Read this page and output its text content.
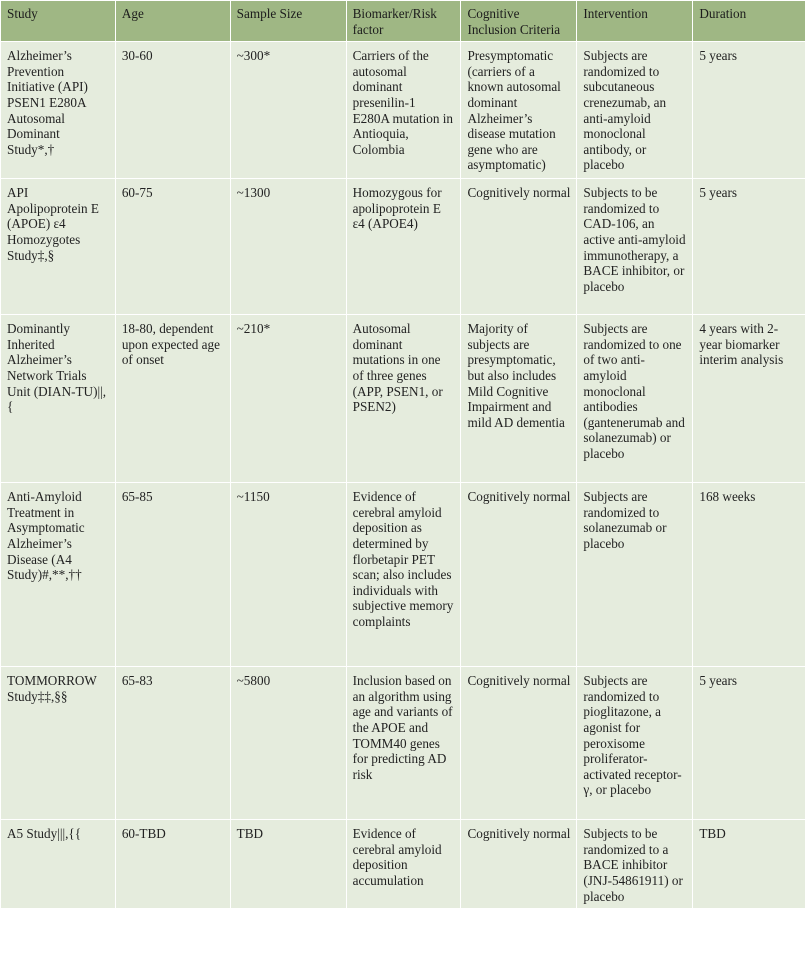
Study	Age	Sample Size	Biomarker/Risk factor	Cognitive Inclusion Criteria	Intervention	Duration
Alzheimer’s Prevention Initiative (API) PSEN1 E280A Autosomal Dominant Study*,†	30-60	~300*	Carriers of the autosomal dominant presenilin-1 E280A mutation in Antioquia, Colombia	Presymptomatic (carriers of a known autosomal dominant Alzheimer’s disease mutation gene who are asymptomatic)	Subjects are randomized to subcutaneous crenezumab, an anti-amyloid monoclonal antibody, or placebo	5 years
API Apolipoprotein E (APOE) ε4 Homozygotes Study‡,§	60-75	~1300	Homozygous for apolipoprotein E ε4 (APOE4)	Cognitively normal	Subjects to be randomized to CAD-106, an active anti-amyloid immunotherapy, a BACE inhibitor, or placebo	5 years
Dominantly Inherited Alzheimer’s Network Trials Unit (DIAN-TU)||,{	18-80, dependent upon expected age of onset	~210*	Autosomal dominant mutations in one of three genes (APP, PSEN1, or PSEN2)	Majority of subjects are presymptomatic, but also includes Mild Cognitive Impairment and mild AD dementia	Subjects are randomized to one of two anti-amyloid monoclonal antibodies (gantenerumab and solanezumab) or placebo	4 years with 2-year biomarker interim analysis
Anti-Amyloid Treatment in Asymptomatic Alzheimer’s Disease (A4 Study)#,**,††	65-85	~1150	Evidence of cerebral amyloid deposition as determined by florbetapir PET scan; also includes individuals with subjective memory complaints	Cognitively normal	Subjects are randomized to solanezumab or placebo	168 weeks
TOMMORROW Study‡‡,§§	65-83	~5800	Inclusion based on an algorithm using age and variants of the APOE and TOMM40 genes for predicting AD risk	Cognitively normal	Subjects are randomized to pioglitazone, a agonist for peroxisome proliferator-activated receptor-γ, or placebo	5 years
A5 Study|||,{{	60-TBD	TBD	Evidence of cerebral amyloid deposition accumulation	Cognitively normal	Subjects to be randomized to a BACE inhibitor (JNJ-54861911) or placebo	TBD
